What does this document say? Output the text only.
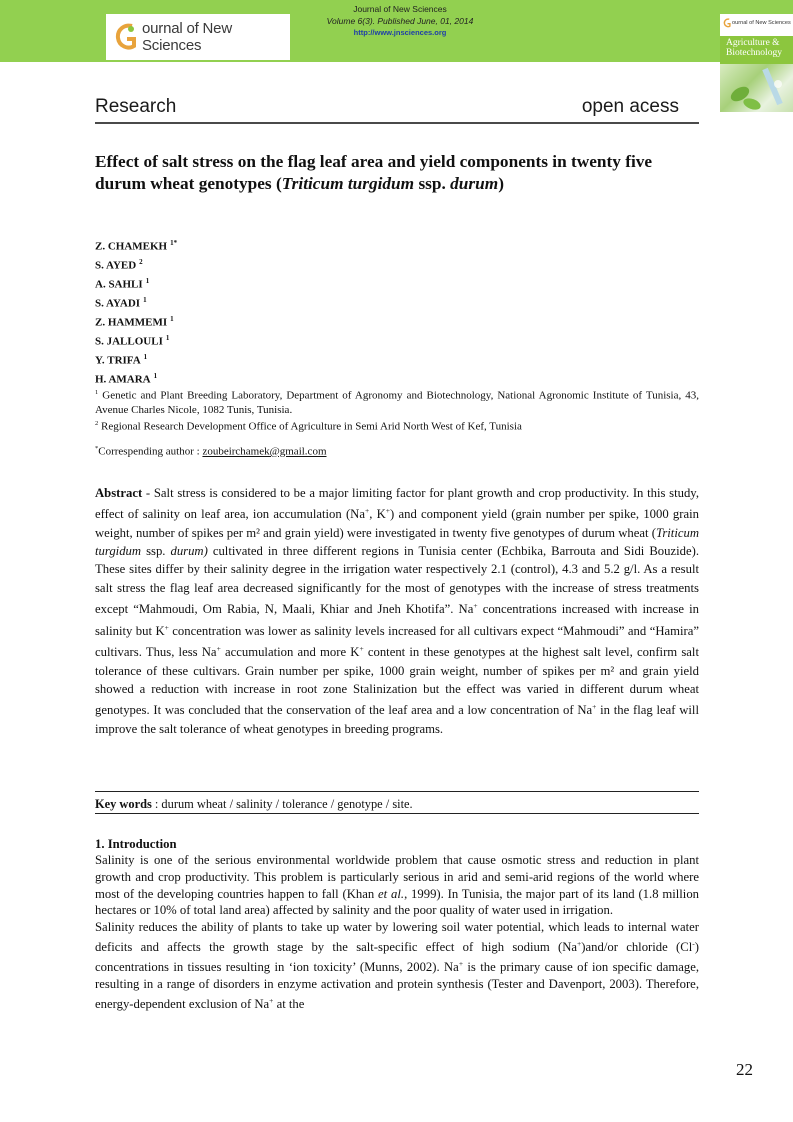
ournal of New Sciences
Journal of New Sciences
Volume 6(3). Published June, 01, 2014
http://www.jnsciences.org
ournal of New Sciences
Agriculture & Biotechnology
Research	open acess
Effect of salt stress on the flag leaf area and yield components in twenty five durum wheat genotypes (Triticum turgidum ssp. durum)
Z. CHAMEKH $^{1*}$
S. AYED $^2$
A. SAHLI $^1$
S. AYADI $^1$
Z. HAMMEMI $^1$
S. JALLOULI $^1$
Y. TRIFA $^1$
H. AMARA $^1$
$^1$ Genetic and Plant Breeding Laboratory, Department of Agronomy and Biotechnology, National Agronomic Institute of Tunisia, 43, Avenue Charles Nicole, 1082 Tunis, Tunisia.
$^2$ Regional Research Development Office of Agriculture in Semi Arid North West of Kef, Tunisia
*Correspending author : zoubeirchamek@gmail.com
Abstract - Salt stress is considered to be a major limiting factor for plant growth and crop productivity. In this study, effect of salinity on leaf area, ion accumulation (Na+, K+) and component yield (grain number per spike, 1000 grain weight, number of spikes per m² and grain yield) were investigated in twenty five genotypes of durum wheat (Triticum turgidum ssp. durum) cultivated in three different regions in Tunisia center (Echbika, Barrouta and Sidi Bouzide). These sites differ by their salinity degree in the irrigation water respectively 2.1 (control), 4.3 and 5.2 g/l. As a result salt stress the flag leaf area decreased significantly for the most of genotypes with the increase of stress treatments except “Mahmoudi, Om Rabia, N, Maali, Khiar and Jneh Khotifa”. Na+ concentrations increased with increase in salinity but K+ concentration was lower as salinity levels increased for all cultivars expect “Mahmoudi” and “Hamira” cultivars. Thus, less Na+ accumulation and more K+ content in these genotypes at the highest salt level, confirm salt tolerance of these cultivars. Grain number per spike, 1000 grain weight, number of spikes per m² and grain yield showed a reduction with increase in root zone Stalinization but the effect was varied in different durum wheat genotypes. It was concluded that the conservation of the leaf area and a low concentration of Na+ in the flag leaf will improve the salt tolerance of wheat genotypes in breeding programs.
Key words : durum wheat / salinity / tolerance / genotype / site.
1. Introduction

Salinity is one of the serious environmental worldwide problem that cause osmotic stress and reduction in plant growth and crop productivity. This problem is particularly serious in arid and semi-arid regions of the world where most of the developing countries happen to fall (Khan et al., 1999). In Tunisia, the major part of its land (1.8 million hectares or 10% of total land area) affected by salinity and the poor quality of water used in irrigation.

Salinity reduces the ability of plants to take up water by lowering soil water potential, which leads to internal water deficits and affects the growth stage by the salt-specific effect of high sodium (Na+)and/or chloride (Cl-) concentrations in tissues resulting in ‘ion toxicity’ (Munns, 2002). Na+ is the primary cause of ion specific damage, resulting in a range of disorders in enzyme activation and protein synthesis (Tester and Davenport, 2003). Therefore, energy-dependent exclusion of Na+ at the

22
